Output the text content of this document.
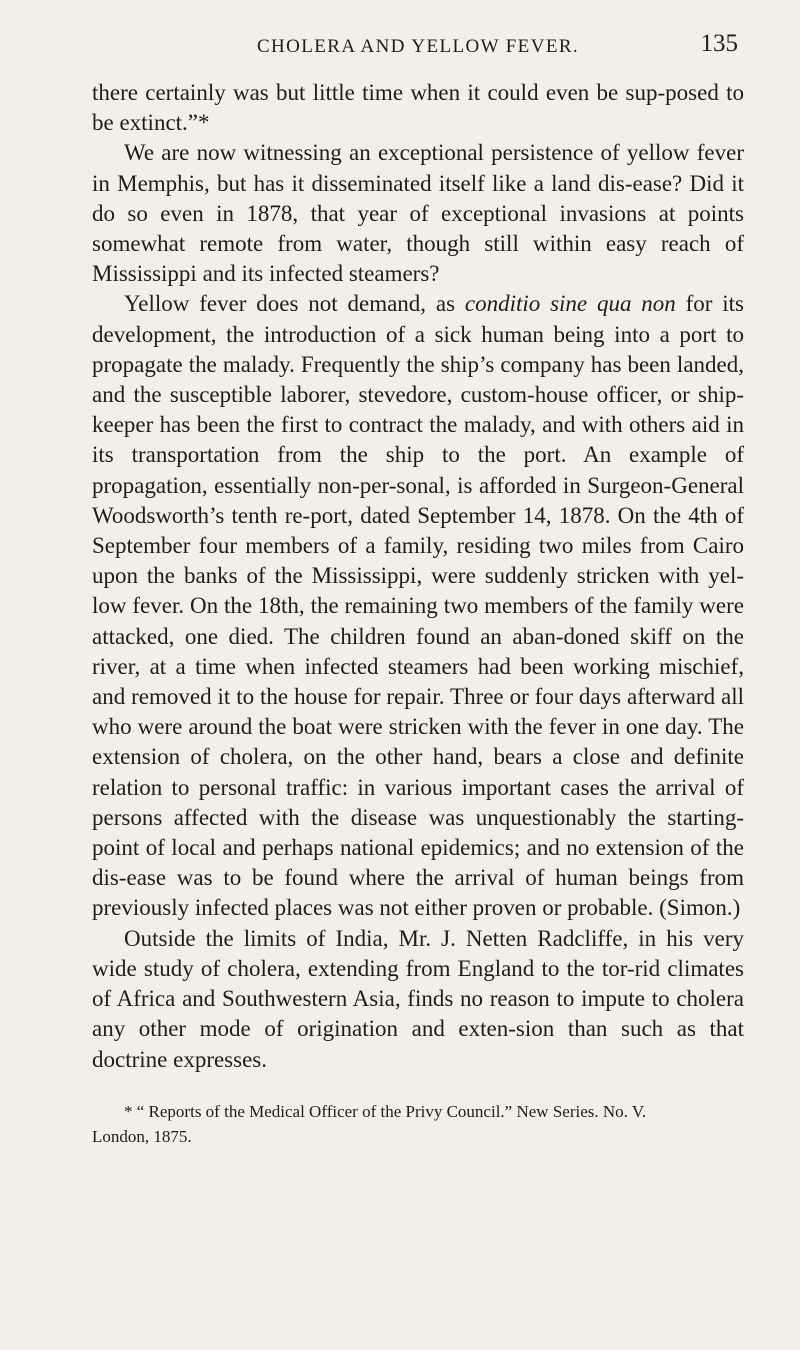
CHOLERA AND YELLOW FEVER.	135

there certainly was but little time when it could even be sup-posed to be extinct.”*

We are now witnessing an exceptional persistence of yellow fever in Memphis, but has it disseminated itself like a land dis-ease? Did it do so even in 1878, that year of exceptional invasions at points somewhat remote from water, though still within easy reach of Mississippi and its infected steamers?

Yellow fever does not demand, as conditio sine qua non for its development, the introduction of a sick human being into a port to propagate the malady. Frequently the ship’s company has been landed, and the susceptible laborer, stevedore, custom-house officer, or ship-keeper has been the first to contract the malady, and with others aid in its transportation from the ship to the port. An example of propagation, essentially non-per-sonal, is afforded in Surgeon-General Woodsworth’s tenth re-port, dated September 14, 1878. On the 4th of September four members of a family, residing two miles from Cairo upon the banks of the Mississippi, were suddenly stricken with yel-low fever. On the 18th, the remaining two members of the family were attacked, one died. The children found an aban-doned skiff on the river, at a time when infected steamers had been working mischief, and removed it to the house for repair. Three or four days afterward all who were around the boat were stricken with the fever in one day. The extension of cholera, on the other hand, bears a close and definite relation to personal traffic: in various important cases the arrival of persons affected with the disease was unquestionably the starting-point of local and perhaps national epidemics; and no extension of the dis-ease was to be found where the arrival of human beings from previously infected places was not either proven or probable. (Simon.)

Outside the limits of India, Mr. J. Netten Radcliffe, in his very wide study of cholera, extending from England to the tor-rid climates of Africa and Southwestern Asia, finds no reason to impute to cholera any other mode of origination and exten-sion than such as that doctrine expresses.

* “ Reports of the Medical Officer of the Privy Council.” New Series. No. V.
London, 1875.
